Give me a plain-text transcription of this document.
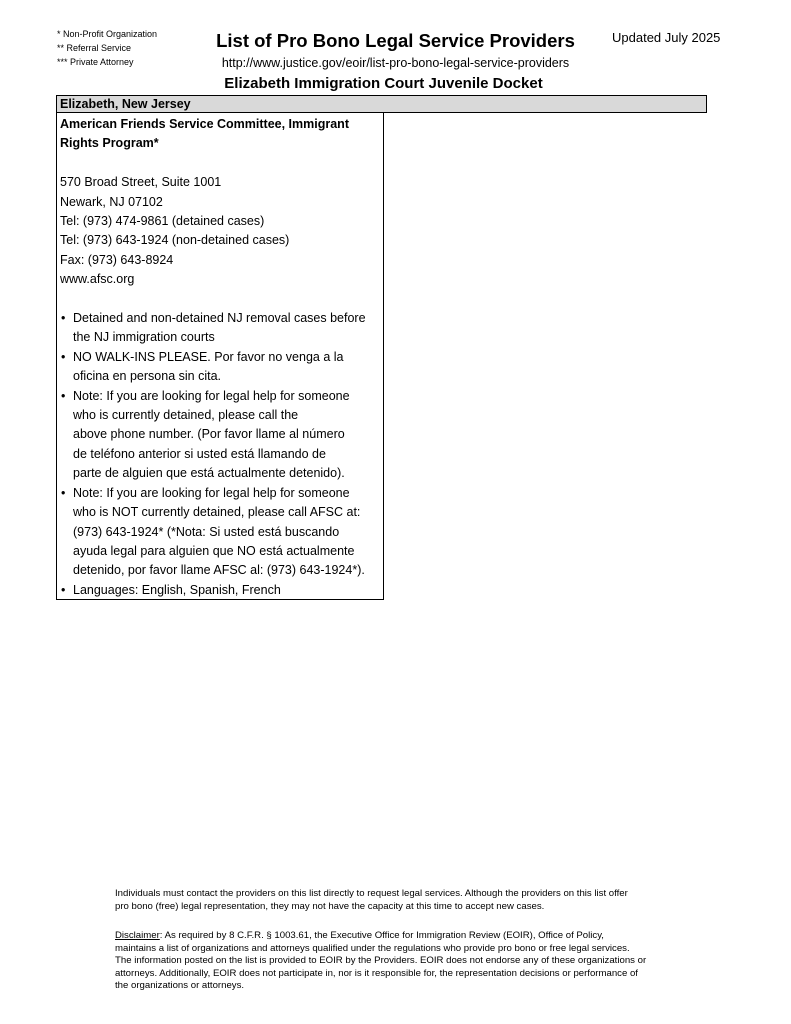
* Non-Profit Organization
** Referral Service
*** Private Attorney
Updated July 2025
List of Pro Bono Legal Service Providers
http://www.justice.gov/eoir/list-pro-bono-legal-service-providers
Elizabeth Immigration Court Juvenile Docket
Elizabeth, New Jersey
American Friends Service Committee, Immigrant
Rights Program*
570 Broad Street, Suite 1001
Newark, NJ 07102
Tel: (973) 474-9861 (detained cases)
Tel: (973) 643-1924 (non-detained cases)
Fax: (973) 643-8924
www.afsc.org
• Detained and non-detained NJ removal cases before
the NJ immigration courts
• NO WALK-INS PLEASE. Por favor no venga a la
oficina en persona sin cita.
• Note: If you are looking for legal help for someone
who is currently detained, please call the
above phone number. (Por favor llame al número
de teléfono anterior si usted está llamando de
parte de alguien que está actualmente detenido).
• Note: If you are looking for legal help for someone
who is NOT currently detained, please call AFSC at:
(973) 643-1924* (*Nota: Si usted está buscando
ayuda legal para alguien que NO está actualmente
detenido, por favor llame AFSC al: (973) 643-1924*).
• Languages: English, Spanish, French
Individuals must contact the providers on this list directly to request legal services. Although the providers on this list offer
pro bono (free) legal representation, they may not have the capacity at this time to accept new cases.
Disclaimer: As required by 8 C.F.R. § 1003.61, the Executive Office for Immigration Review (EOIR), Office of Policy,
maintains a list of organizations and attorneys qualified under the regulations who provide pro bono or free legal services.
The information posted on the list is provided to EOIR by the Providers. EOIR does not endorse any of these organizations or
attorneys. Additionally, EOIR does not participate in, nor is it responsible for, the representation decisions or performance of
the organizations or attorneys.
